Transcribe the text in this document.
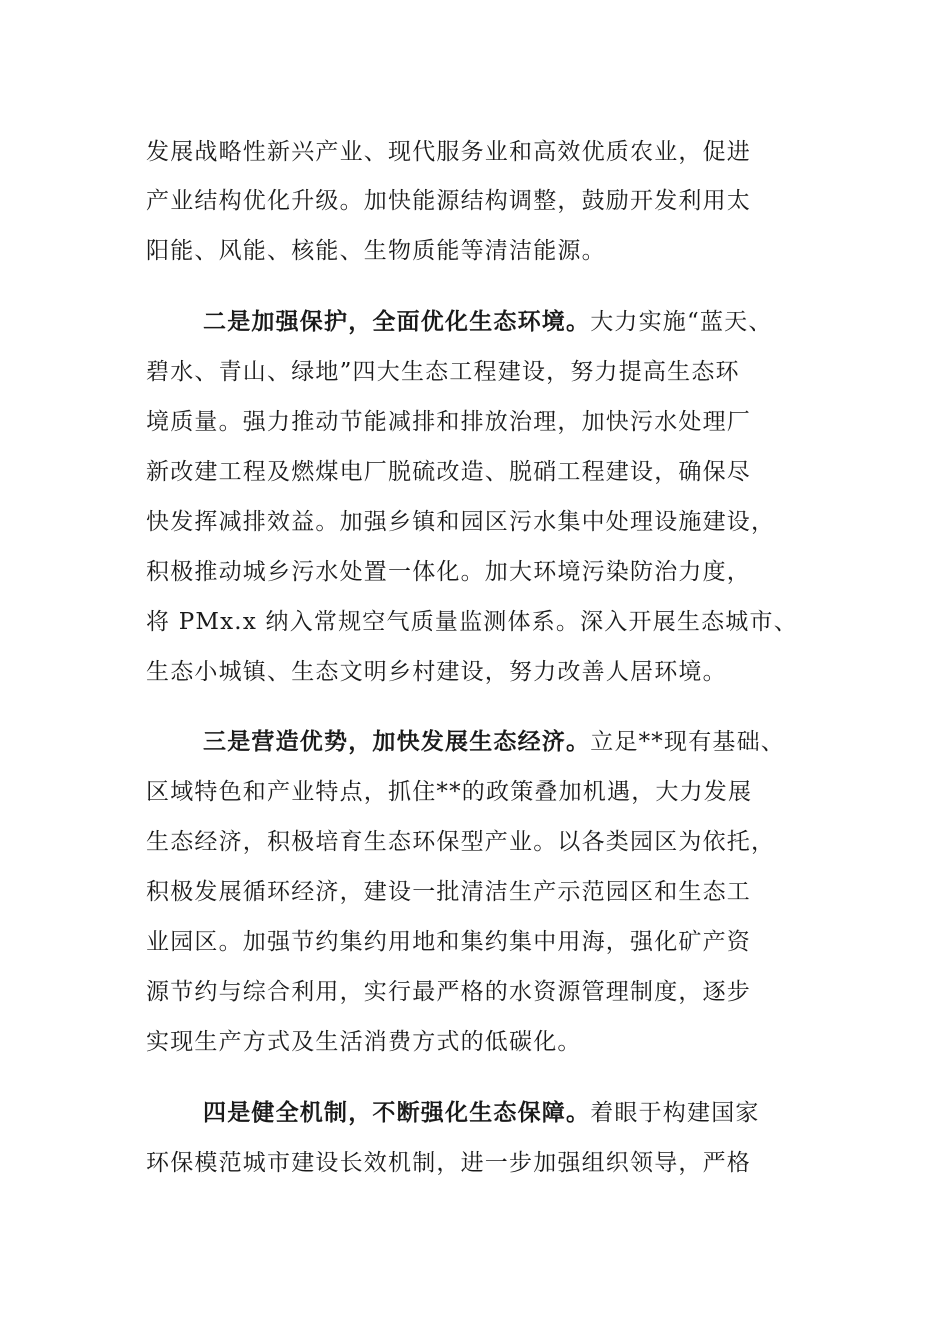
发展战略性新兴产业、现代服务业和高效优质农业，促进
产业结构优化升级。加快能源结构调整，鼓励开发利用太
阳能、风能、核能、生物质能等清洁能源。
二是加强保护，全面优化生态环境。大力实施“蓝天、
碧水、青山、绿地”四大生态工程建设，努力提高生态环
境质量。强力推动节能减排和排放治理，加快污水处理厂
新改建工程及燃煤电厂脱硫改造、脱硝工程建设，确保尽
快发挥减排效益。加强乡镇和园区污水集中处理设施建设，
积极推动城乡污水处置一体化。加大环境污染防治力度，
将 PMx.x 纳入常规空气质量监测体系。深入开展生态城市、
生态小城镇、生态文明乡村建设，努力改善人居环境。
三是营造优势，加快发展生态经济。立足**现有基础、
区域特色和产业特点，抓住**的政策叠加机遇，大力发展
生态经济，积极培育生态环保型产业。以各类园区为依托，
积极发展循环经济，建设一批清洁生产示范园区和生态工
业园区。加强节约集约用地和集约集中用海，强化矿产资
源节约与综合利用，实行最严格的水资源管理制度，逐步
实现生产方式及生活消费方式的低碳化。
四是健全机制，不断强化生态保障。着眼于构建国家
环保模范城市建设长效机制，进一步加强组织领导，严格
